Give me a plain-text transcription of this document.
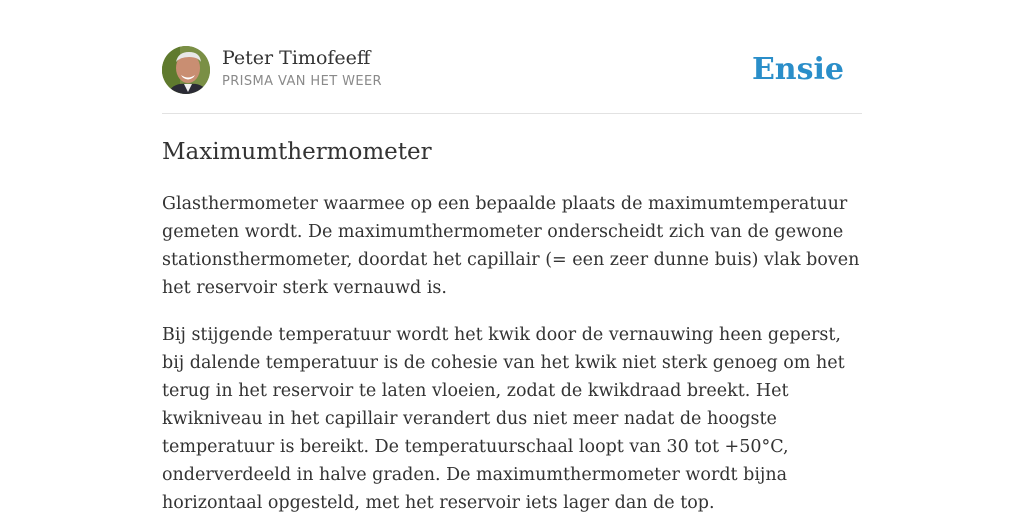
Peter Timofeeff
PRISMA VAN HET WEER	Ensie
Maximumthermometer

Glasthermometer waarmee op een bepaalde plaats de maximumtemperatuur gemeten wordt. De maximumthermometer onderscheidt zich van de gewone stationsthermometer, doordat het capillair (= een zeer dunne buis) vlak boven het reservoir sterk vernauwd is.

Bij stijgende temperatuur wordt het kwik door de vernauwing heen geperst, bij dalende temperatuur is de cohesie van het kwik niet sterk genoeg om het terug in het reservoir te laten vloeien, zodat de kwikdraad breekt. Het kwikniveau in het capillair verandert dus niet meer nadat de hoogste temperatuur is bereikt. De temperatuurschaal loopt van 30 tot +50°C, onderverdeeld in halve graden. De maximumthermometer wordt bijna horizontaal opgesteld, met het reservoir iets lager dan de top.
